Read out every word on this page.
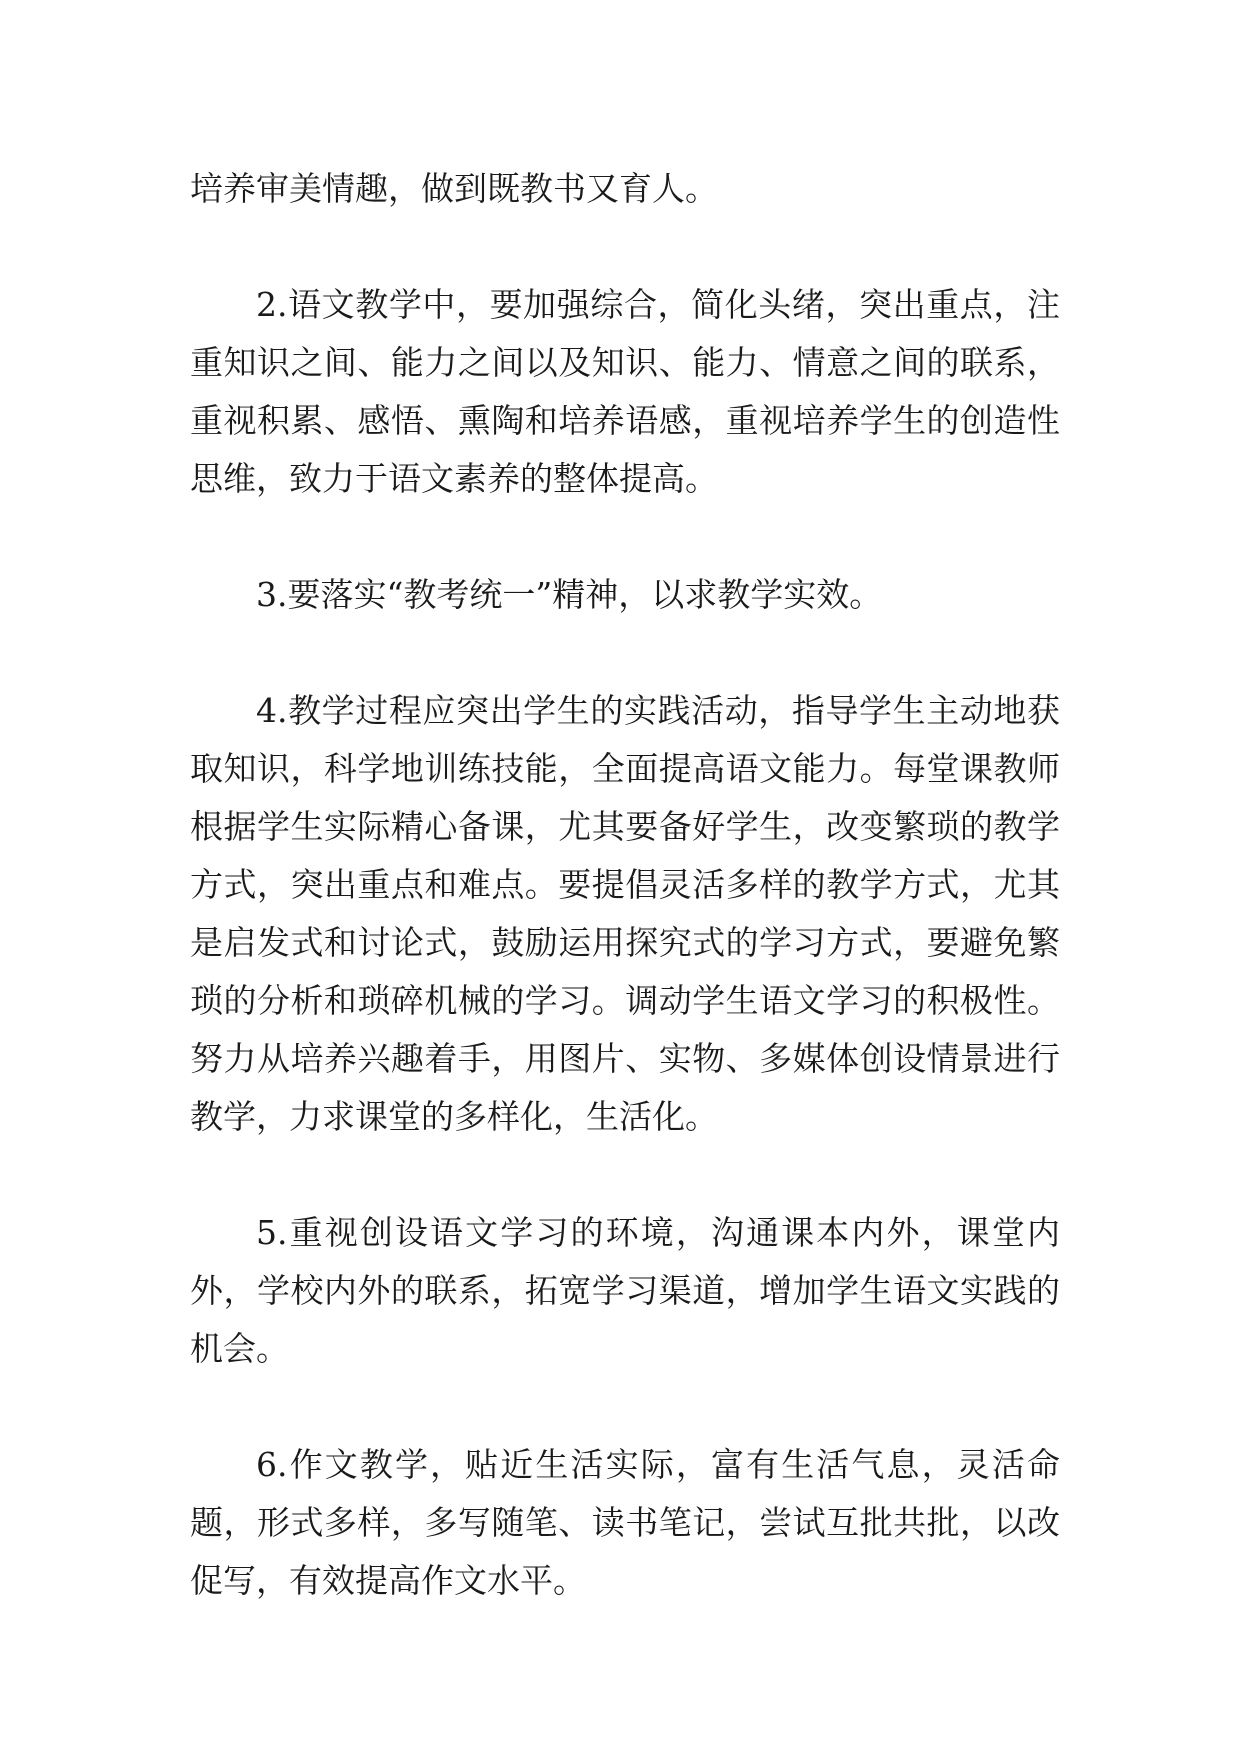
培养审美情趣，做到既教书又育人。

2.语文教学中，要加强综合，简化头绪，突出重点，注重知识之间、能力之间以及知识、能力、情意之间的联系，重视积累、感悟、熏陶和培养语感，重视培养学生的创造性思维，致力于语文素养的整体提高。

3.要落实“教考统一”精神，以求教学实效。

4.教学过程应突出学生的实践活动，指导学生主动地获取知识，科学地训练技能，全面提高语文能力。每堂课教师根据学生实际精心备课，尤其要备好学生，改变繁琐的教学方式，突出重点和难点。要提倡灵活多样的教学方式，尤其是启发式和讨论式，鼓励运用探究式的学习方式，要避免繁琐的分析和琐碎机械的学习。调动学生语文学习的积极性。努力从培养兴趣着手，用图片、实物、多媒体创设情景进行教学，力求课堂的多样化，生活化。

5.重视创设语文学习的环境，沟通课本内外，课堂内外，学校内外的联系，拓宽学习渠道，增加学生语文实践的机会。

6.作文教学，贴近生活实际，富有生活气息，灵活命题，形式多样，多写随笔、读书笔记，尝试互批共批，以改促写，有效提高作文水平。
